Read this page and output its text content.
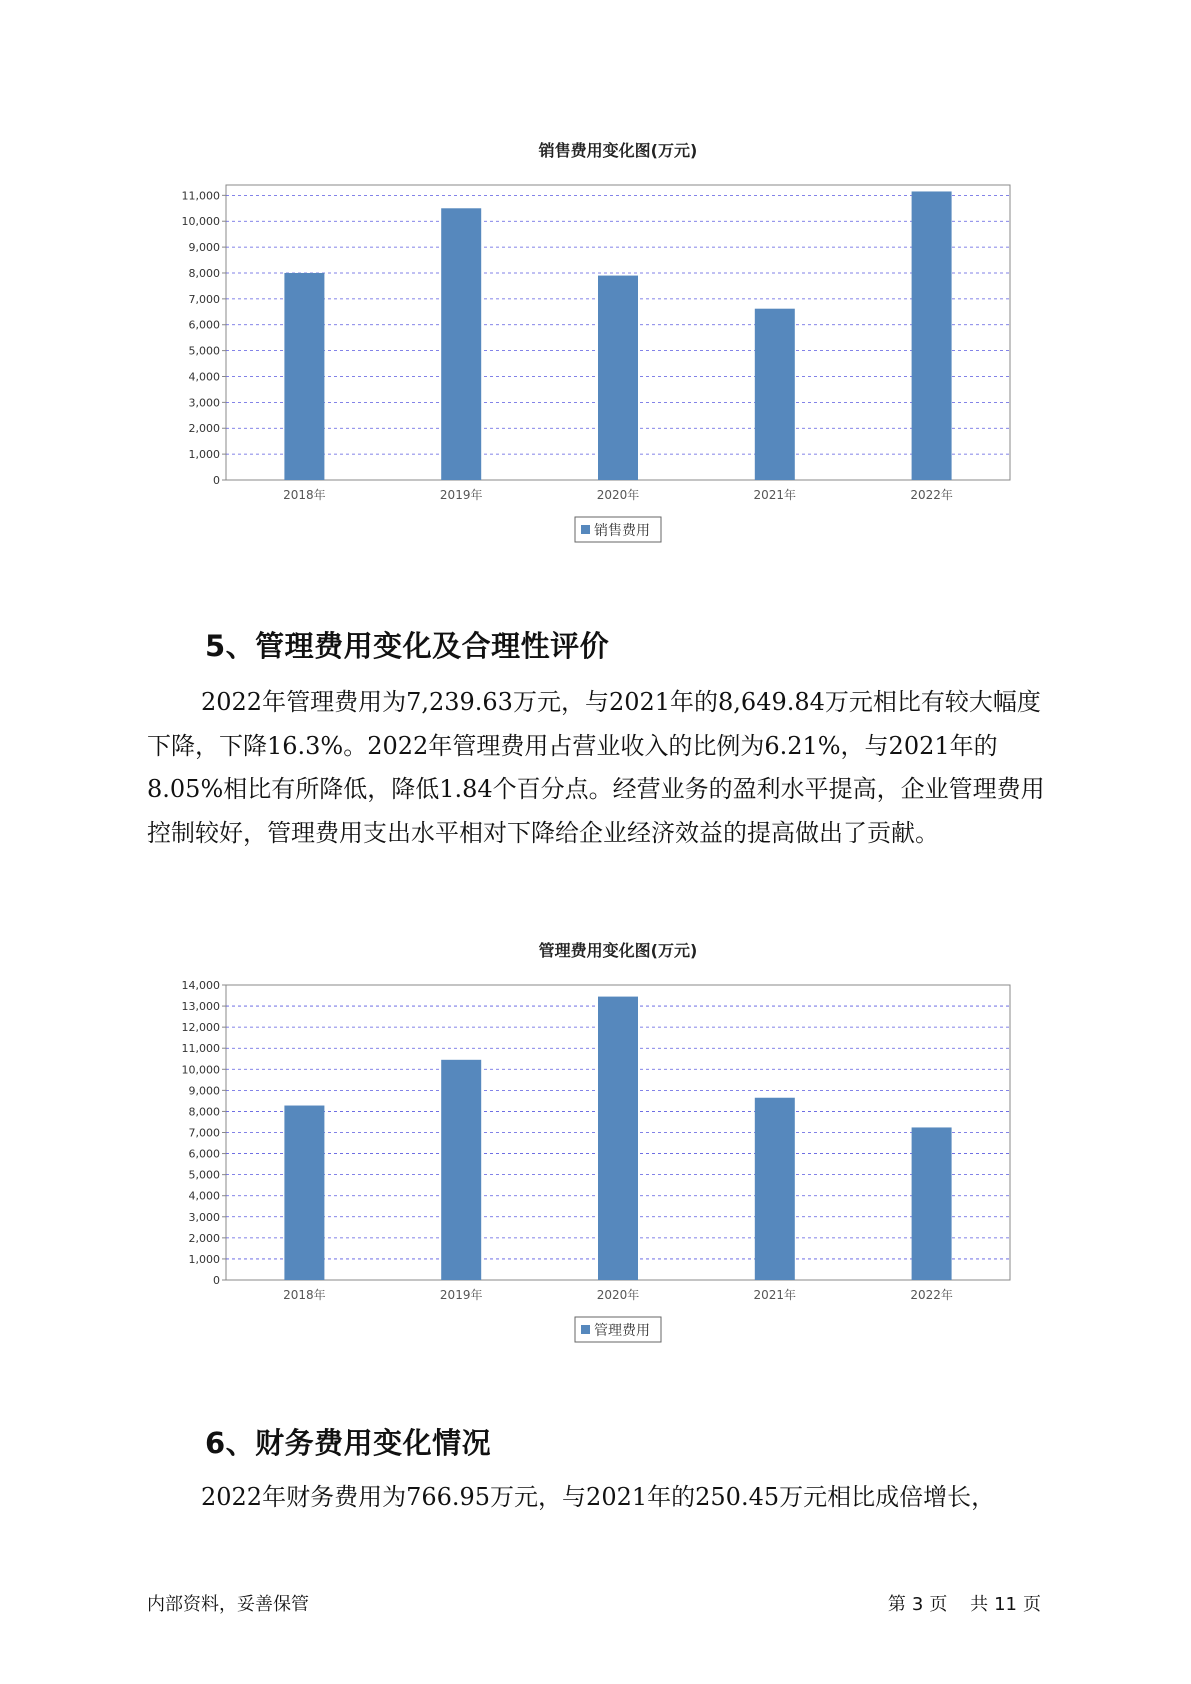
销售费用变化图(万元)
0
1,000
2,000
3,000
4,000
5,000
6,000
7,000
8,000
9,000
10,000
11,000
2018年	2019年	2020年	2021年	2022年
销售费用
5、管理费用变化及合理性评价

2022年管理费用为7,239.63万元，与2021年的8,649.84万元相比有较大幅度下降，下降16.3%。2022年管理费用占营业收入的比例为6.21%，与2021年的8.05%相比有所降低，降低1.84个百分点。经营业务的盈利水平提高，企业管理费用控制较好，管理费用支出水平相对下降给企业经济效益的提高做出了贡献。

管理费用变化图(万元)
0
1,000
2,000
3,000
4,000
5,000
6,000
7,000
8,000
9,000
10,000
11,000
12,000
13,000
14,000
2018年	2019年	2020年	2021年	2022年
管理费用
6、财务费用变化情况

2022年财务费用为766.95万元，与2021年的250.45万元相比成倍增长，

内部资料，妥善保管	第 3 页 共 11 页
